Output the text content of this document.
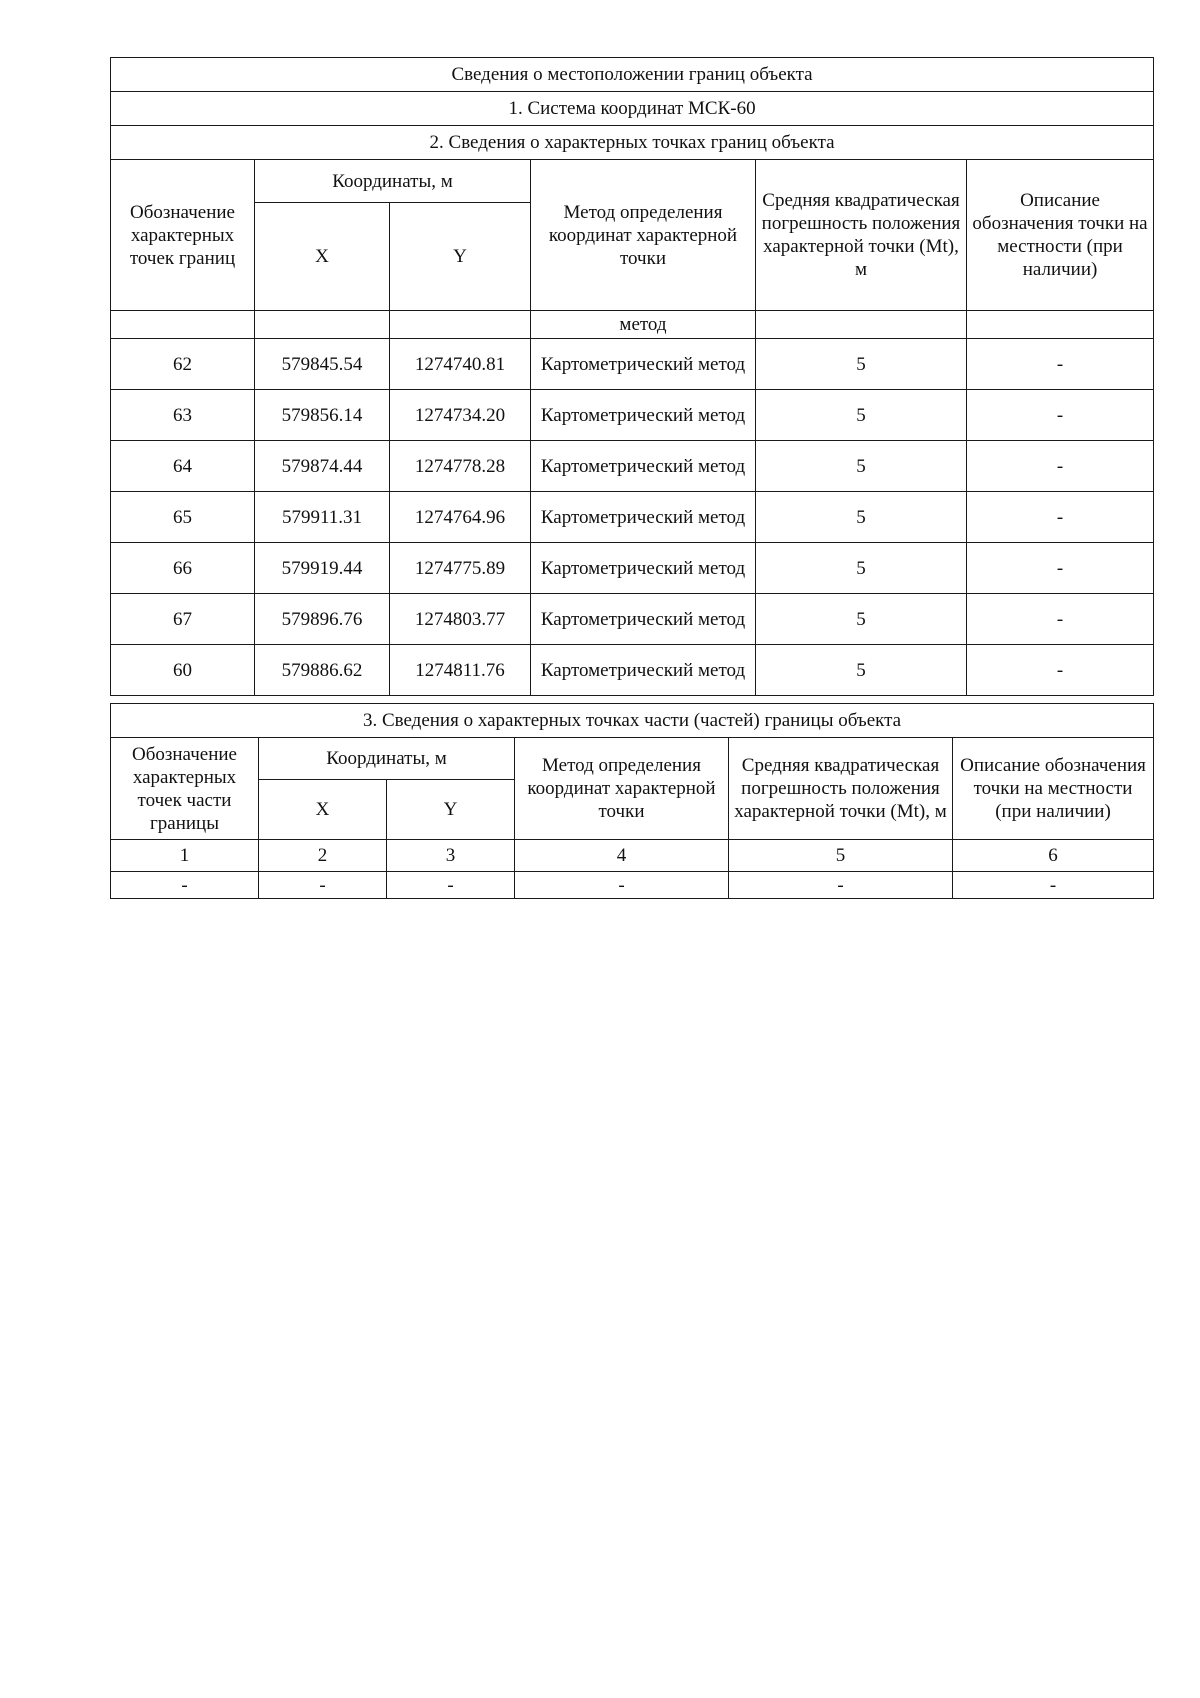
Сведения о местоположении границ объекта					
1. Система координат МСК-60					
2. Сведения о характерных точках границ объекта					
Обозначение характерных точек границ	Координаты, м		Метод определения координат характерной точки	Средняя квадратическая погрешность положения характерной точки (Mt), м	Описание обозначения точки на местности (при наличии)
	X	Y			
			метод		
62	579845.54	1274740.81	Картометрический метод	5	-
63	579856.14	1274734.20	Картометрический метод	5	-
64	579874.44	1274778.28	Картометрический метод	5	-
65	579911.31	1274764.96	Картометрический метод	5	-
66	579919.44	1274775.89	Картометрический метод	5	-
67	579896.76	1274803.77	Картометрический метод	5	-
60	579886.62	1274811.76	Картометрический метод	5	-
3. Сведения о характерных точках части (частей) границы объекта					
Обозначение характерных точек части границы	Координаты, м		Метод определения координат характерной точки	Средняя квадратическая погрешность положения характерной точки (Mt), м	Описание обозначения точки на местности (при наличии)
	X	Y			
1	2	3	4	5	6
-	-	-	-	-	-
